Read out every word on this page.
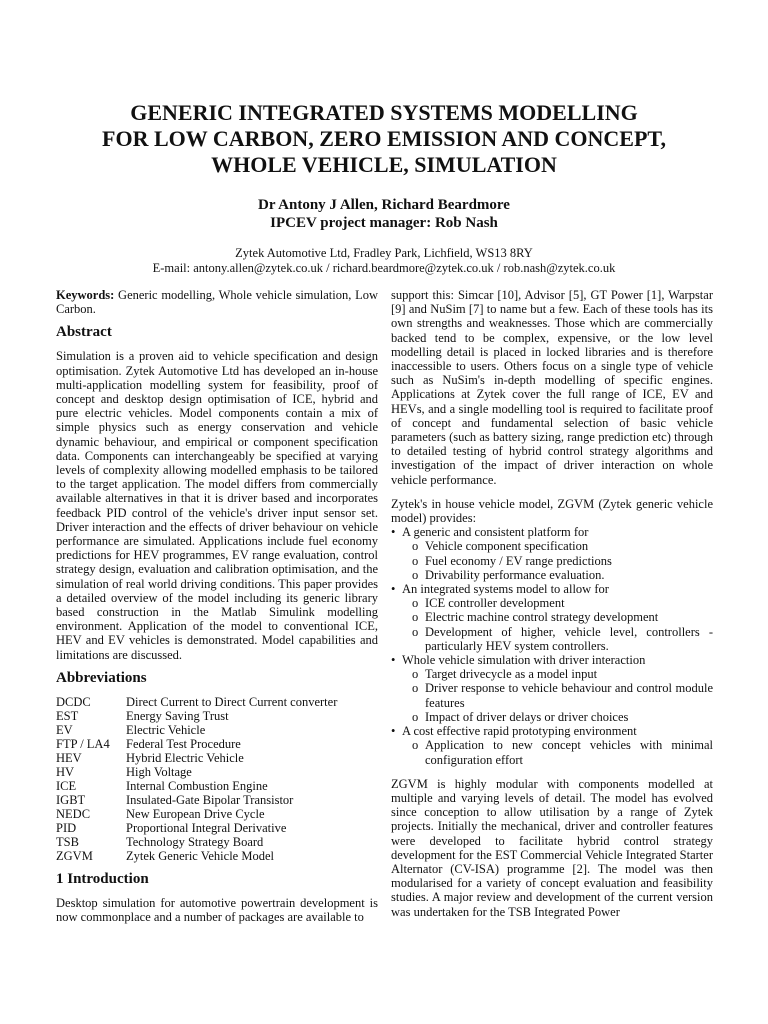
GENERIC INTEGRATED SYSTEMS MODELLING
FOR LOW CARBON, ZERO EMISSION AND CONCEPT,
WHOLE VEHICLE, SIMULATION
Dr Antony J Allen, Richard Beardmore
IPCEV project manager: Rob Nash
Zytek Automotive Ltd, Fradley Park, Lichfield, WS13 8RY
E-mail: antony.allen@zytek.co.uk / richard.beardmore@zytek.co.uk / rob.nash@zytek.co.uk

Keywords: Generic modelling, Whole vehicle simulation, Low Carbon.

Abstract

Simulation is a proven aid to vehicle specification and design optimisation. Zytek Automotive Ltd has developed an in-house multi-application modelling system for feasibility, proof of concept and desktop design optimisation of ICE, hybrid and pure electric vehicles. Model components contain a mix of simple physics such as energy conservation and vehicle dynamic behaviour, and empirical or component specification data. Components can interchangeably be specified at varying levels of complexity allowing modelled emphasis to be tailored to the target application. The model differs from commercially available alternatives in that it is driver based and incorporates feedback PID control of the vehicle's driver input sensor set. Driver interaction and the effects of driver behaviour on vehicle performance are simulated. Applications include fuel economy predictions for HEV programmes, EV range evaluation, control strategy design, evaluation and calibration optimisation, and the simulation of real world driving conditions. This paper provides a detailed overview of the model including its generic library based construction in the Matlab Simulink modelling environment. Application of the model to conventional ICE, HEV and EV vehicles is demonstrated. Model capabilities and limitations are discussed.

Abbreviations
DCDC	Direct Current to Direct Current converter
EST	Energy Saving Trust
EV	Electric Vehicle
FTP / LA4	Federal Test Procedure
HEV	Hybrid Electric Vehicle
HV	High Voltage
ICE	Internal Combustion Engine
IGBT	Insulated-Gate Bipolar Transistor
NEDC	New European Drive Cycle
PID	Proportional Integral Derivative
TSB	Technology Strategy Board
ZGVM	Zytek Generic Vehicle Model
1 Introduction

Desktop simulation for automotive powertrain development is now commonplace and a number of packages are available to

support this: Simcar [10], Advisor [5], GT Power [1], Warpstar [9] and NuSim [7] to name but a few. Each of these tools has its own strengths and weaknesses. Those which are commercially backed tend to be complex, expensive, or the low level modelling detail is placed in locked libraries and is therefore inaccessible to users. Others focus on a single type of vehicle such as NuSim's in-depth modelling of specific engines. Applications at Zytek cover the full range of ICE, EV and HEVs, and a single modelling tool is required to facilitate proof of concept and fundamental selection of basic vehicle parameters (such as battery sizing, range prediction etc) through to detailed testing of hybrid control strategy algorithms and investigation of the impact of driver interaction on whole vehicle performance.

Zytek's in house vehicle model, ZGVM (Zytek generic vehicle model) provides:

• A generic and consistent platform for
o Vehicle component specification
o Fuel economy / EV range predictions
o Drivability performance evaluation.
• An integrated systems model to allow for
o ICE controller development
o Electric machine control strategy development
o Development of higher, vehicle level, controllers - particularly HEV system controllers.
• Whole vehicle simulation with driver interaction
o Target drivecycle as a model input
o Driver response to vehicle behaviour and control module features
o Impact of driver delays or driver choices
• A cost effective rapid prototyping environment
o Application to new concept vehicles with minimal configuration effort

ZGVM is highly modular with components modelled at multiple and varying levels of detail. The model has evolved since conception to allow utilisation by a range of Zytek projects. Initially the mechanical, driver and controller features were developed to facilitate hybrid control strategy development for the EST Commercial Vehicle Integrated Starter Alternator (CV-ISA) programme [2]. The model was then modularised for a variety of concept evaluation and feasibility studies. A major review and development of the current version was undertaken for the TSB Integrated Power
